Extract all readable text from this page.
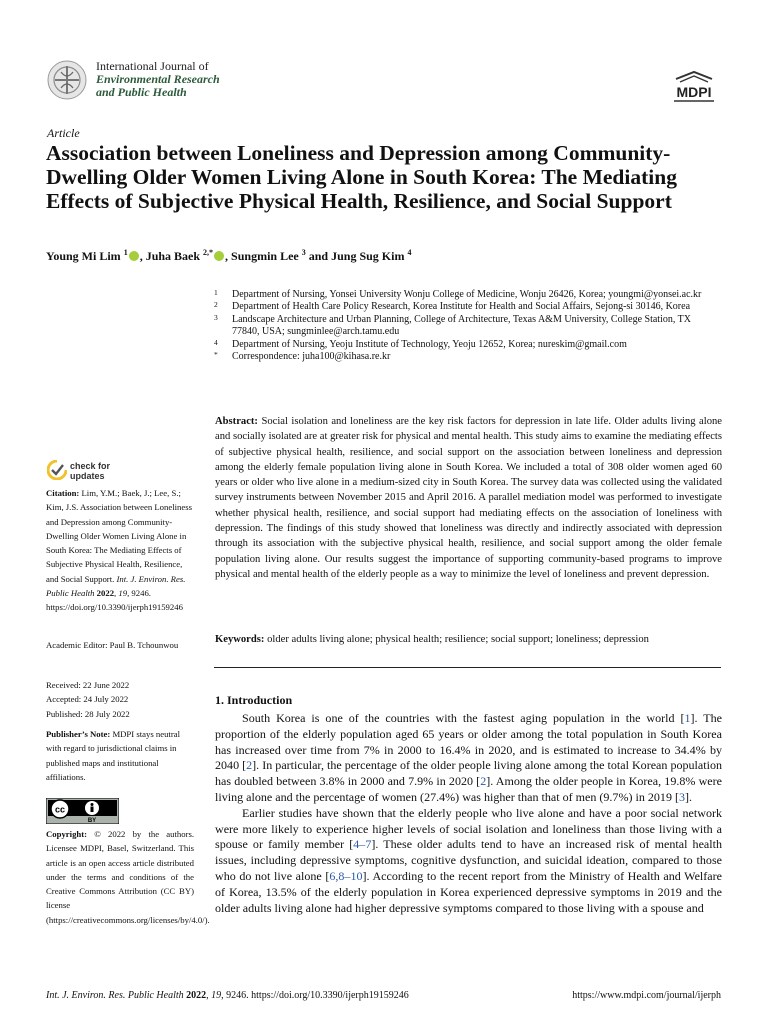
International Journal of
Environmental Research
and Public Health	MDPI
Article
Association between Loneliness and Depression among Community-Dwelling Older Women Living Alone in South Korea: The Mediating Effects of Subjective Physical Health, Resilience, and Social Support
Young Mi Lim $^1$ , Juha Baek $^{2,*}$ , Sungmin Lee $^3$ and Jung Sug Kim $^4$
1 Department of Nursing, Yonsei University Wonju College of Medicine, Wonju 26426, Korea; youngmi@yonsei.ac.kr
2 Department of Health Care Policy Research, Korea Institute for Health and Social Affairs, Sejong-si 30146, Korea
3 Landscape Architecture and Urban Planning, College of Architecture, Texas A&M University, College Station, TX 77840, USA; sungminlee@arch.tamu.edu
4 Department of Nursing, Yeoju Institute of Technology, Yeoju 12652, Korea; nureskim@gmail.com
* Correspondence: juha100@kihasa.re.kr
Abstract: Social isolation and loneliness are the key risk factors for depression in late life. Older adults living alone and socially isolated are at greater risk for physical and mental health. This study aims to examine the mediating effects of subjective physical health, resilience, and social support on the association between loneliness and depression among the elderly female population living alone in South Korea. We included a total of 308 older women aged 60 years or older who live alone in a medium-sized city in South Korea. The survey data was collected using the validated survey instruments between November 2015 and April 2016. A parallel mediation model was performed to investigate whether physical health, resilience, and social support had mediating effects on the association of loneliness with depression. The findings of this study showed that loneliness was directly and indirectly associated with depression through its association with the subjective physical health, resilience, and social support among the older female population living alone. Our results suggest the importance of supporting community-based programs to improve physical and mental health of the elderly people as a way to minimize the level of loneliness and prevent depression.
Keywords: older adults living alone; physical health; resilience; social support; loneliness; depression
1. Introduction

South Korea is one of the countries with the fastest aging population in the world [1]. The proportion of the elderly population aged 65 years or older among the total population in South Korea has increased over time from 7% in 2000 to 16.4% in 2020, and is estimated to increase to 34.4% by 2040 [2]. In particular, the percentage of the older people living alone among the total Korean population has doubled between 3.8% in 2000 and 7.9% in 2020 [2]. Among the older people in Korea, 19.8% were living alone and the percentage of women (27.4%) was higher than that of men (9.7%) in 2019 [3].

Earlier studies have shown that the elderly people who live alone and have a poor social network were more likely to experience higher levels of social isolation and loneliness than those living with a spouse or family member [4–7]. These older adults tend to have an increased risk of mental health issues, including depressive symptoms, cognitive dysfunction, and suicidal ideation, compared to those who do not live alone [6,8–10]. According to the recent report from the Ministry of Health and Welfare of Korea, 13.5% of the elderly population in Korea experienced depressive symptoms in 2019 and the older adults living alone had higher depressive symptoms compared to those living with a spouse and

check for
updates
Citation: Lim, Y.M.; Baek, J.; Lee, S.; Kim, J.S. Association between Loneliness and Depression among Community-Dwelling Older Women Living Alone in South Korea: The Mediating Effects of Subjective Physical Health, Resilience, and Social Support. Int. J. Environ. Res. Public Health 2022, 19, 9246. https://doi.org/10.3390/ijerph19159246
Academic Editor: Paul B. Tchounwou
Received: 22 June 2022
Accepted: 24 July 2022
Published: 28 July 2022
Publisher’s Note: MDPI stays neutral with regard to jurisdictional claims in published maps and institutional affiliations.
cc
BY
Copyright: © 2022 by the authors. Licensee MDPI, Basel, Switzerland. This article is an open access article distributed under the terms and conditions of the Creative Commons Attribution (CC BY) license (https://creativecommons.org/licenses/by/4.0/).
Int. J. Environ. Res. Public Health 2022, 19, 9246. https://doi.org/10.3390/ijerph19159246	https://www.mdpi.com/journal/ijerph
